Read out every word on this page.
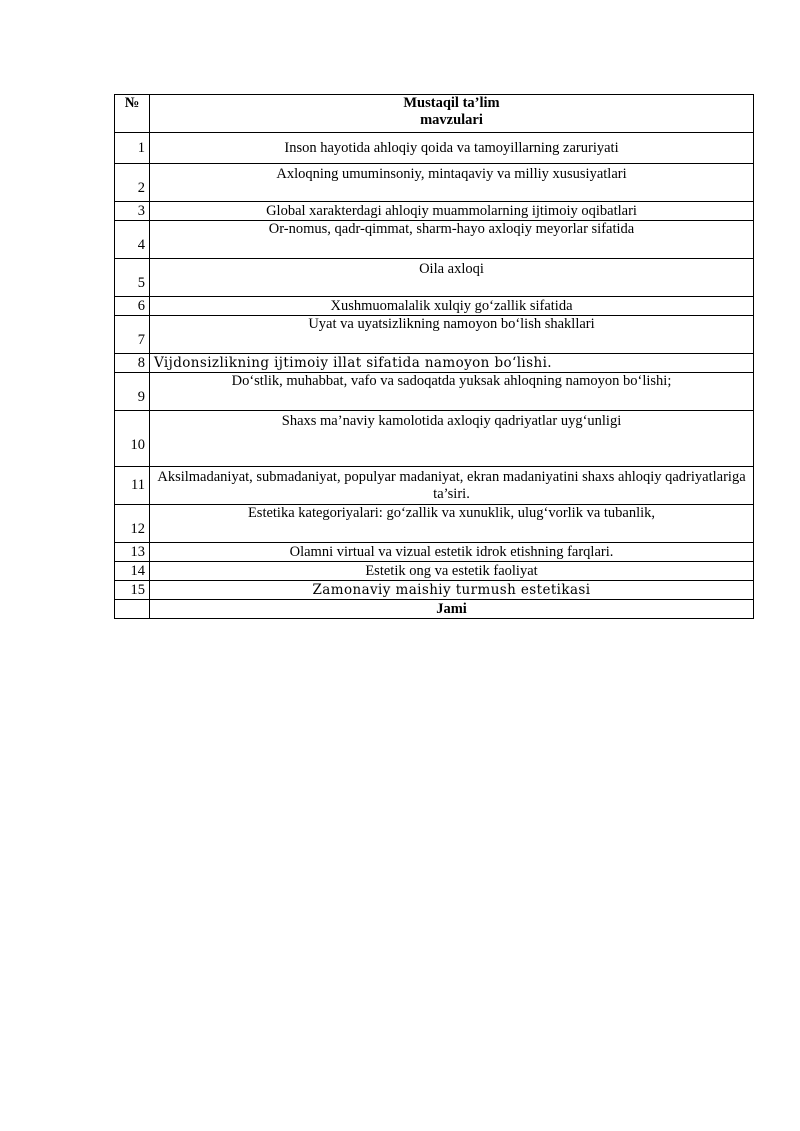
№	Mustaqil ta’lim
mavzulari
1	Inson hayotida ahloqiy qoida va tamoyillarning zaruriyati
2	Axloqning umuminsoniy, mintaqaviy va milliy xususiyatlari
3	Global xarakterdagi ahloqiy muammolarning ijtimoiy oqibatlari
4	Or-nomus, qadr-qimmat, sharm-hayo axloqiy meyorlar sifatida
5	Oila axloqi
6	Xushmuomalalik xulqiy go‘zallik sifatida
7	Uyat va uyatsizlikning namoyon bo‘lish shakllari
8	Vijdonsizlikning ijtimoiy illat sifatida namoyon bo‘lishi.
9	Do‘stlik, muhabbat, vafo va sadoqatda yuksak ahloqning namoyon bo‘lishi;
10	Shaxs ma’naviy kamolotida axloqiy qadriyatlar uyg‘unligi
11	Aksilmadaniyat, submadaniyat, populyar madaniyat, ekran madaniyatini shaxs ahloqiy qadriyatlariga ta’siri.
12	Estetika kategoriyalari: go‘zallik va xunuklik, ulug‘vorlik va tubanlik,
13	Olamni virtual va vizual estetik idrok etishning farqlari.
14	Estetik ong va estetik faoliyat
15	Zamonaviy maishiy turmush estetikasi
	Jami
